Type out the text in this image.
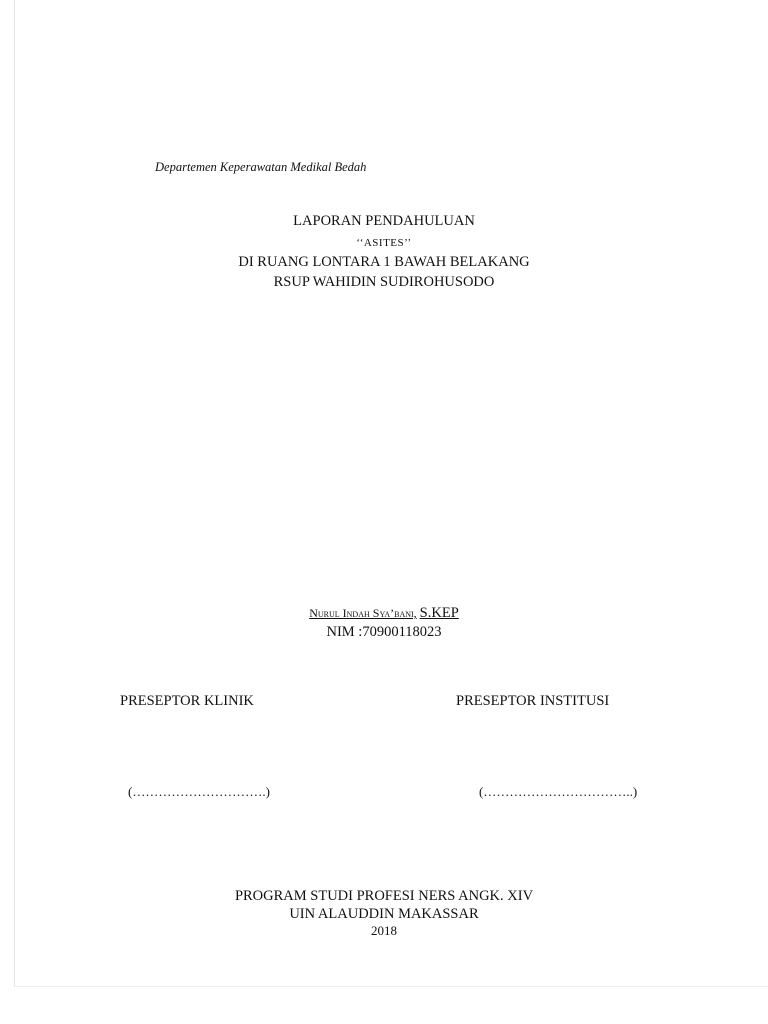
Departemen Keperawatan Medikal Bedah
LAPORAN PENDAHULUAN
‘‘ASITES’’
DI RUANG LONTARA 1 BAWAH BELAKANG
RSUP WAHIDIN SUDIROHUSODO
Nurul Indah Sya’bani, S.KEP
NIM :70900118023
PRESEPTOR KLINIK	PRESEPTOR INSTITUSI
(………………………….)	(……………………………..)
PROGRAM STUDI PROFESI NERS ANGK. XIV
UIN ALAUDDIN MAKASSAR
2018
